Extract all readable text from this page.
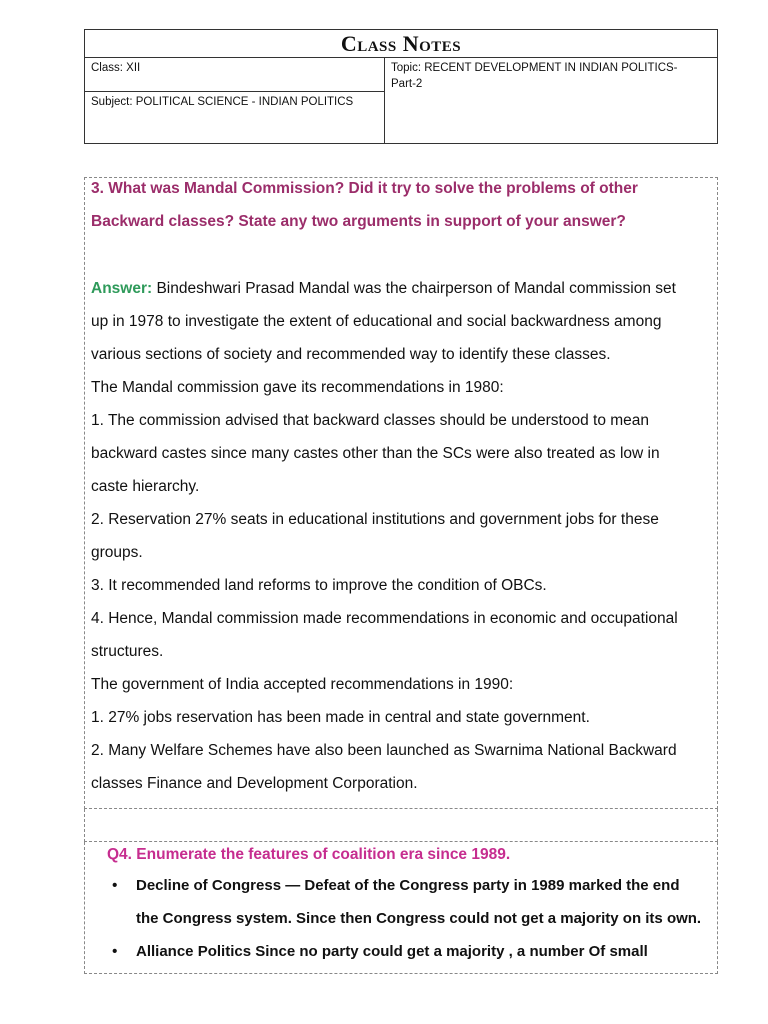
Class Notes
Class: XII
Subject: POLITICAL SCIENCE - INDIAN POLITICS
Topic: RECENT DEVELOPMENT IN INDIAN POLITICS-
Part-2
3. What was Mandal Commission? Did it try to solve the problems of other
Backward classes? State any two arguments in support of your answer?
Answer: Bindeshwari Prasad Mandal was the chairperson of Mandal commission set
up in 1978 to investigate the extent of educational and social backwardness among
various sections of society and recommended way to identify these classes.
The Mandal commission gave its recommendations in 1980:
1. The commission advised that backward classes should be understood to mean
backward castes since many castes other than the SCs were also treated as low in
caste hierarchy.
2. Reservation 27% seats in educational institutions and government jobs for these
groups.
3. It recommended land reforms to improve the condition of OBCs.
4. Hence, Mandal commission made recommendations in economic and occupational
structures.
The government of India accepted recommendations in 1990:
1. 27% jobs reservation has been made in central and state government.
2. Many Welfare Schemes have also been launched as Swarnima National Backward
classes Finance and Development Corporation.
Q4. Enumerate the features of coalition era since 1989.
• Decline of Congress — Defeat of the Congress party in 1989 marked the end
the Congress system. Since then Congress could not get a majority on its own.
• Alliance Politics Since no party could get a majority , a number Of small
